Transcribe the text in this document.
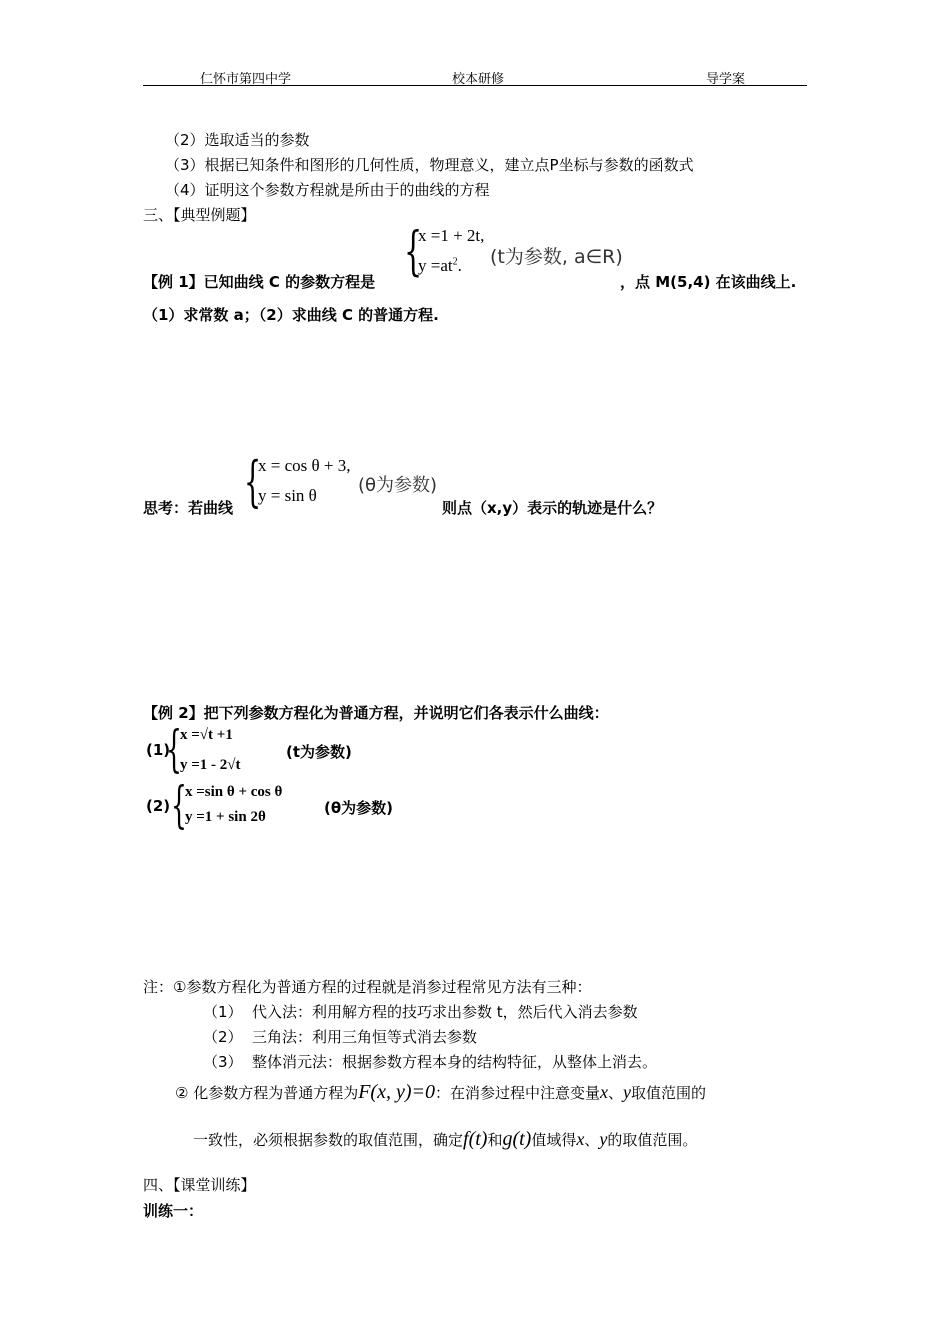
仁怀市第四中学	校本研修	导学案
（2）选取适当的参数
（3）根据已知条件和图形的几何性质，物理意义，建立点P坐标与参数的函数式
（4）证明这个参数方程就是所由于的曲线的方程
三、【典型例题】
【例 1】已知曲线 C 的参数方程是 {
x =1 + 2t,
$y =at^2$. (t为参数, a∈R)
，点 M(5,4) 在该曲线上.
（1）求常数 a；（2）求曲线 C 的普通方程.
思考：若曲线 {
x = cos θ + 3,
y = sin θ (θ为参数)
则点（x,y）表示的轨迹是什么？
【例 2】把下列参数方程化为普通方程，并说明它们各表示什么曲线：
(1)
{
x =√t +1
y =1 - 2√t
(t为参数)
(2) {
x =sin θ + cos θ
y =1 + sin 2θ	(θ为参数)
注：①参数方程化为普通方程的过程就是消参过程常见方法有三种：
（1） 代入法：利用解方程的技巧求出参数 t，然后代入消去参数
（2） 三角法：利用三角恒等式消去参数
（3） 整体消元法：根据参数方程本身的结构特征，从整体上消去。
② 化参数方程为普通方程为F(x, y)=0：在消参过程中注意变量x、y取值范围的
一致性，必须根据参数的取值范围，确定f(t)和g(t)值域得x、y的取值范围。
四、【课堂训练】
训练一：
